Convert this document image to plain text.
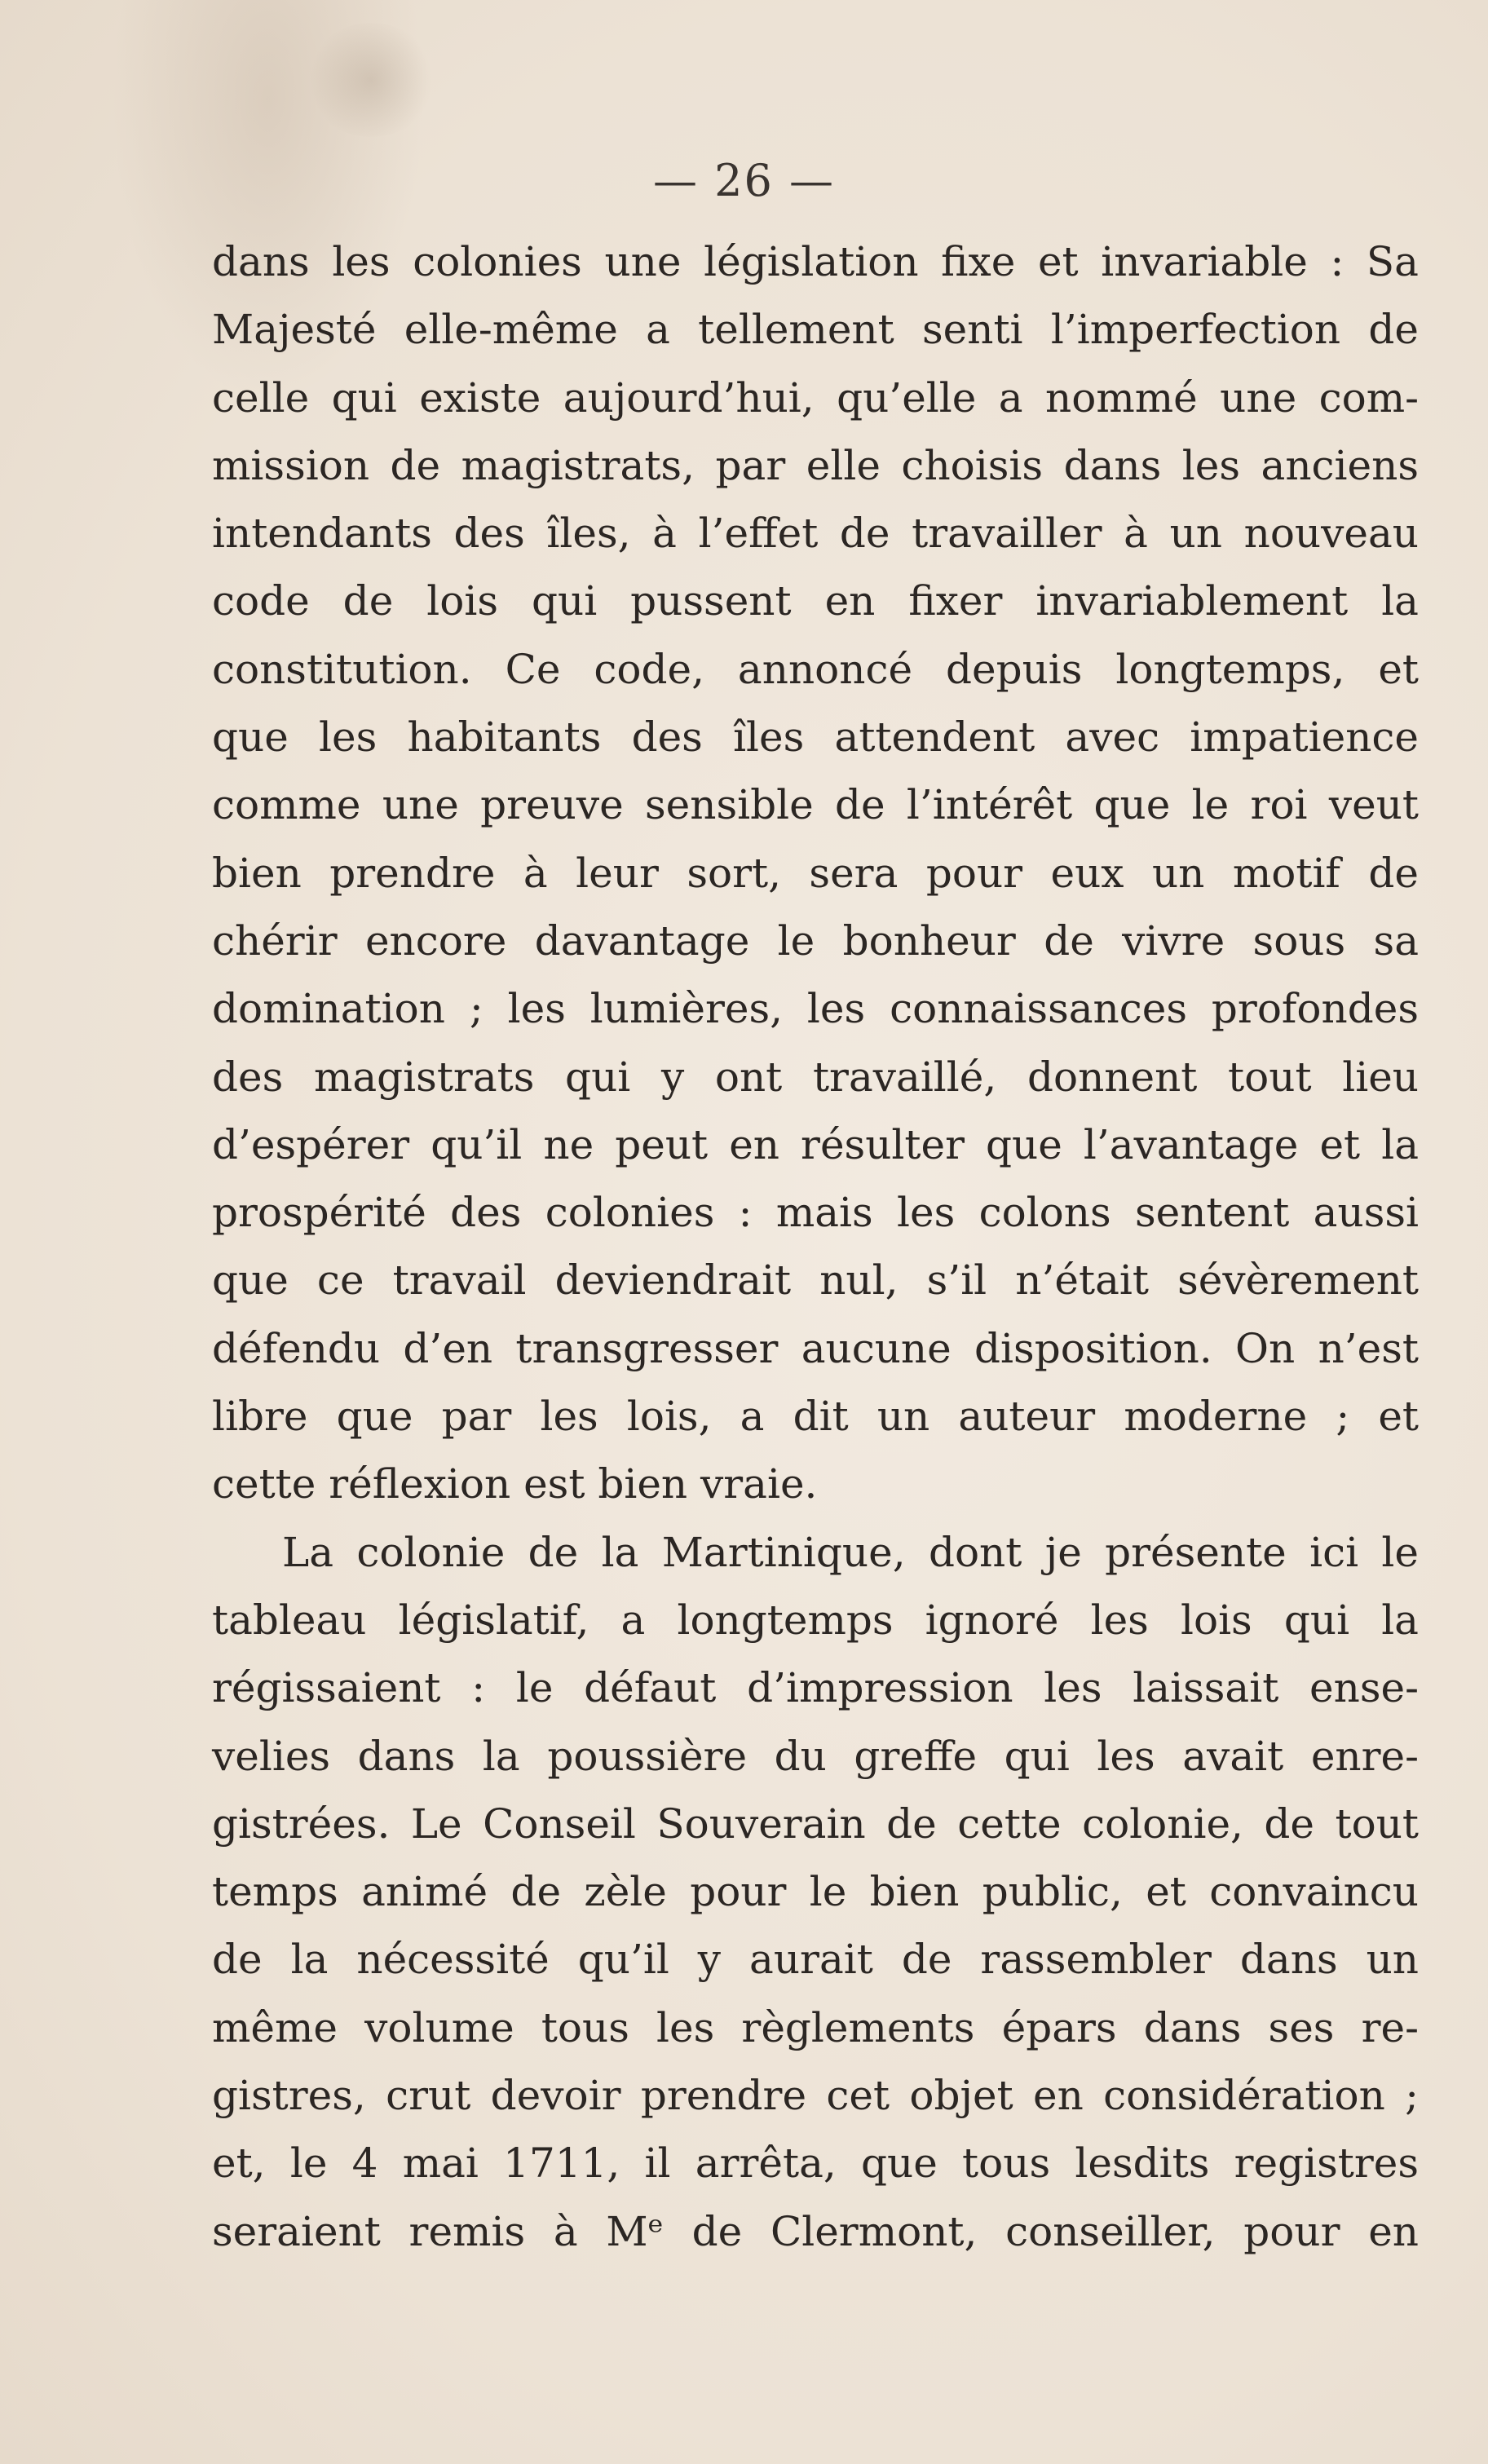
— 26 —
dans les colonies une législation fixe et invariable : Sa
Majesté elle-même a tellement senti l’imperfection de
celle qui existe aujourd’hui, qu’elle a nommé une com-
mission de magistrats, par elle choisis dans les anciens
intendants des îles, à l’effet de travailler à un nouveau
code de lois qui pussent en fixer invariablement la
constitution. Ce code, annoncé depuis longtemps, et
que les habitants des îles attendent avec impatience
comme une preuve sensible de l’intérêt que le roi veut
bien prendre à leur sort, sera pour eux un motif de
chérir encore davantage le bonheur de vivre sous sa
domination ; les lumières, les connaissances profondes
des magistrats qui y ont travaillé, donnent tout lieu
d’espérer qu’il ne peut en résulter que l’avantage et la
prospérité des colonies : mais les colons sentent aussi
que ce travail deviendrait nul, s’il n’était sévèrement
défendu d’en transgresser aucune disposition. On n’est
libre que par les lois, a dit un auteur moderne ; et
cette réflexion est bien vraie.
La colonie de la Martinique, dont je présente ici le
tableau législatif, a longtemps ignoré les lois qui la
régissaient : le défaut d’impression les laissait ense-
velies dans la poussière du greffe qui les avait enre-
gistrées. Le Conseil Souverain de cette colonie, de tout
temps animé de zèle pour le bien public, et convaincu
de la nécessité qu’il y aurait de rassembler dans un
même volume tous les règlements épars dans ses re-
gistres, crut devoir prendre cet objet en considération ;
et, le 4 mai 1711, il arrêta, que tous lesdits registres
seraient remis à Mᵉ de Clermont, conseiller, pour en
